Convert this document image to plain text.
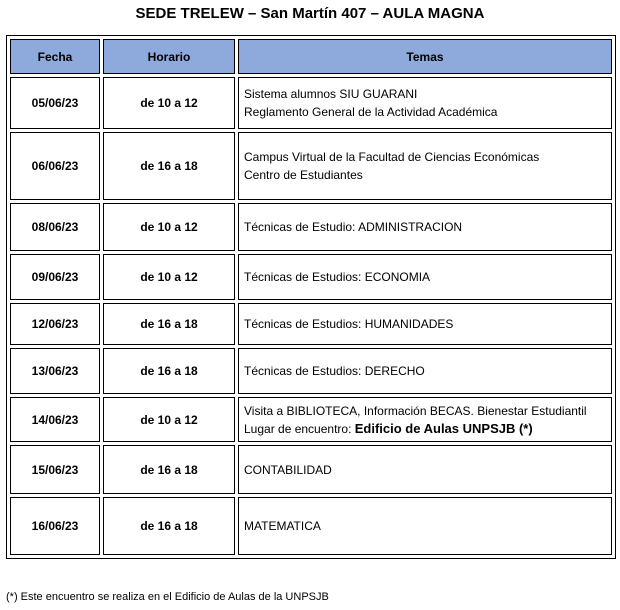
SEDE TRELEW – San Martín 407 – AULA MAGNA
Fecha	Horario	Temas
05/06/23	de 10 a 12	Sistema alumnos SIU GUARANI
Reglamento General de la Actividad Académica

06/06/23	de 16 a 18	Campus Virtual de la Facultad de Ciencias Económicas
Centro de Estudiantes

08/06/23	de 10 a 12	Técnicas de Estudio: ADMINISTRACION

09/06/23	de 10 a 12	Técnicas de Estudios: ECONOMIA

12/06/23	de 16 a 18	Técnicas de Estudios: HUMANIDADES

13/06/23	de 16 a 18	Técnicas de Estudios: DERECHO

14/06/23	de 10 a 12	Visita a BIBLIOTECA, Información BECAS. Bienestar Estudiantil
Lugar de encuentro: Edificio de Aulas UNPSJB (*)

15/06/23	de 16 a 18	CONTABILIDAD

16/06/23	de 16 a 18	MATEMATICA
(*) Este encuentro se realiza en el Edificio de Aulas de la UNPSJB
